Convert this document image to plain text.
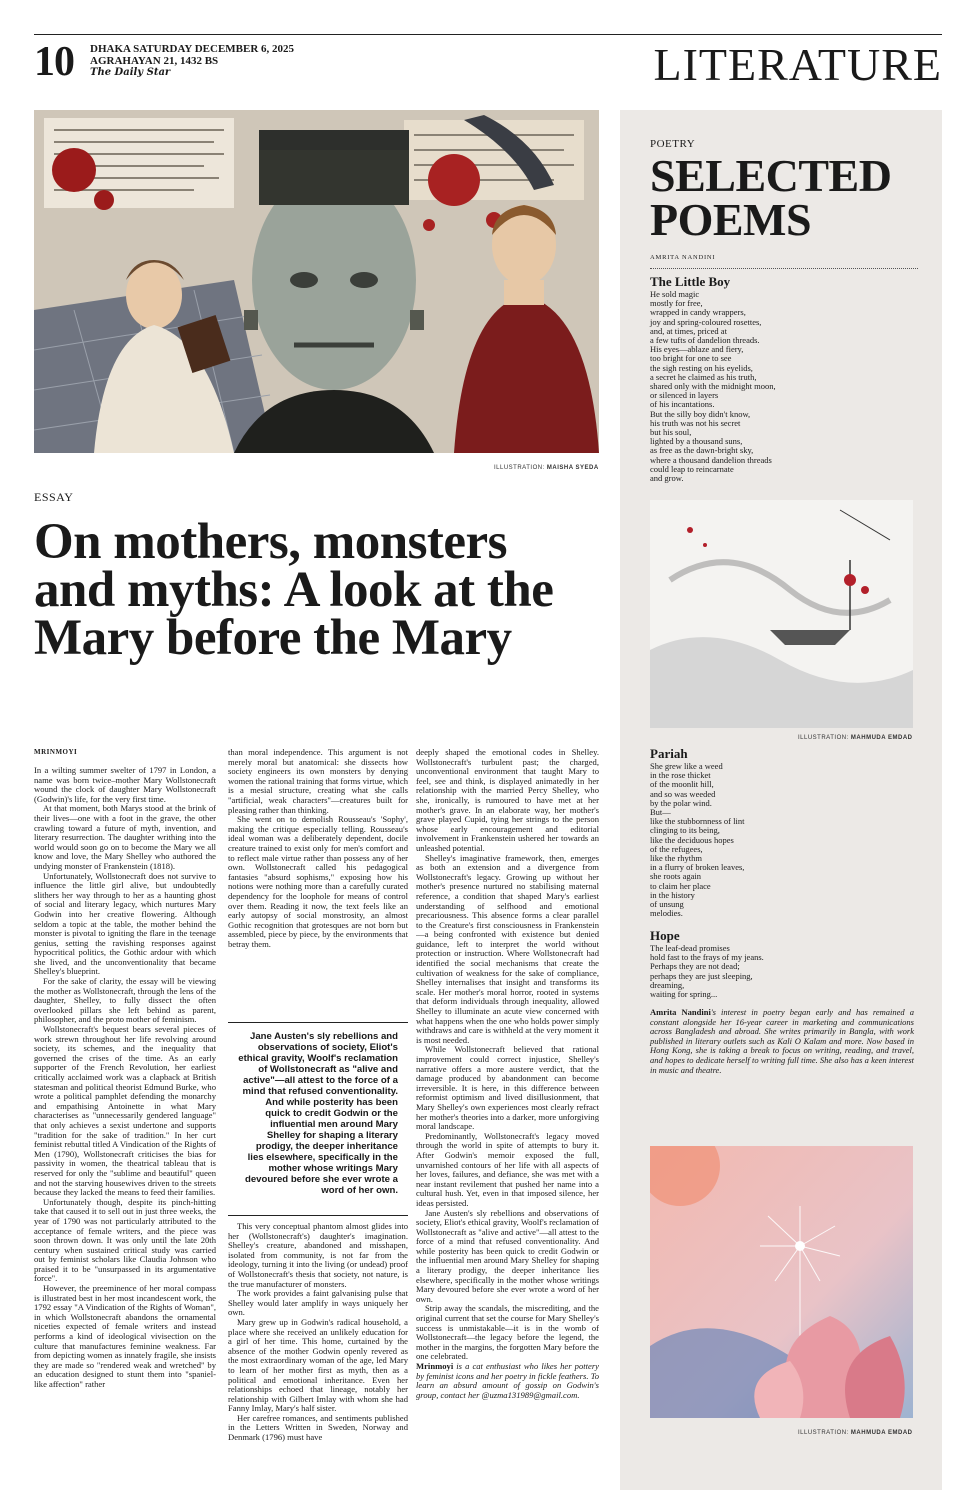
10 DHAKA SATURDAY DECEMBER 6, 2025
AGRAHAYAN 21, 1432 BS
The Daily Star	LITERATURE
ILLUSTRATION: MAISHA SYEDA
ESSAY
On mothers, monsters and myths: A look at the Mary before the Mary
MRINMOYI

In a wilting summer swelter of 1797 in London, a name was born twice–mother Mary Wollstonecraft wound the clock of daughter Mary Wollstonecraft (Godwin)'s life, for the very first time.

At that moment, both Marys stood at the brink of their lives—one with a foot in the grave, the other crawling toward a future of myth, invention, and literary resurrection. The daughter writhing into the world would soon go on to become the Mary we all know and love, the Mary Shelley who authored the undying monster of Frankenstein (1818).

Unfortunately, Wollstonecraft does not survive to influence the little girl alive, but undoubtedly slithers her way through to her as a haunting ghost of social and literary legacy, which nurtures Mary Godwin into her creative flowering. Although seldom a topic at the table, the mother behind the monster is pivotal to igniting the flare in the teenage genius, setting the ravishing responses against hypocritical politics, the Gothic ardour with which she lived, and the unconventionality that became Shelley's blueprint.

For the sake of clarity, the essay will be viewing the mother as Wollstonecraft, through the lens of the daughter, Shelley, to fully dissect the often overlooked pillars she left behind as parent, philosopher, and the proto mother of feminism.

Wollstonecraft's bequest bears several pieces of work strewn throughout her life revolving around society, its schemes, and the inequality that governed the crises of the time. As an early supporter of the French Revolution, her earliest critically acclaimed work was a clapback at British statesman and political theorist Edmund Burke, who wrote a political pamphlet defending the monarchy and empathising Antoinette in what Mary characterises as "unnecessarily gendered language" that only achieves a sexist undertone and supports "tradition for the sake of tradition." In her curt feminist rebuttal titled A Vindication of the Rights of Men (1790), Wollstonecraft criticises the bias for passivity in women, the theatrical tableau that is reserved for only the "sublime and beautiful" queen and not the starving housewives driven to the streets because they lacked the means to feed their families.

Unfortunately though, despite its pinch-hitting take that caused it to sell out in just three weeks, the year of 1790 was not particularly attributed to the acceptance of female writers, and the piece was soon thrown down. It was only until the late 20th century when sustained critical study was carried out by feminist scholars like Claudia Johnson who praised it to be "unsurpassed in its argumentative force".

However, the preeminence of her moral compass is illustrated best in her most incandescent work, the 1792 essay "A Vindication of the Rights of Woman", in which Wollstonecraft abandons the ornamental niceties expected of female writers and instead performs a kind of ideological vivisection on the culture that manufactures feminine weakness. Far from depicting women as innately fragile, she insists they are made so "rendered weak and wretched" by an education designed to stunt them into "spaniel-like affection" rather

than moral independence. This argument is not merely moral but anatomical: she dissects how society engineers its own monsters by denying women the rational training that forms virtue, which is a mesial structure, creating what she calls "artificial, weak characters"—creatures built for pleasing rather than thinking.

She went on to demolish Rousseau's 'Sophy', making the critique especially telling. Rousseau's ideal woman was a deliberately dependent, docile creature trained to exist only for men's comfort and to reflect male virtue rather than possess any of her own. Wollstonecraft called his pedagogical fantasies "absurd sophisms," exposing how his notions were nothing more than a carefully curated dependency for the loophole for means of control over them. Reading it now, the text feels like an early autopsy of social monstrosity, an almost Gothic recognition that grotesques are not born but assembled, piece by piece, by the environments that betray them.

Jane Austen's sly rebellions and observations of society, Eliot's ethical gravity, Woolf's reclamation of Wollstonecraft as "alive and active"—all attest to the force of a mind that refused conventionality. And while posterity has been quick to credit Godwin or the influential men around Mary Shelley for shaping a literary prodigy, the deeper inheritance lies elsewhere, specifically in the mother whose writings Mary devoured before she ever wrote a word of her own.

This very conceptual phantom almost glides into her (Wollstonecraft's) daughter's imagination. Shelley's creature, abandoned and misshapen, isolated from community, is not far from the ideology, turning it into the living (or undead) proof of Wollstonecraft's thesis that society, not nature, is the true manufacturer of monsters.

The work provides a faint galvanising pulse that Shelley would later amplify in ways uniquely her own.

Mary grew up in Godwin's radical household, a place where she received an unlikely education for a girl of her time. This home, curtained by the absence of the mother Godwin openly revered as the most extraordinary woman of the age, led Mary to learn of her mother first as myth, then as a political and emotional inheritance. Even her relationships echoed that lineage, notably her relationship with Gilbert Imlay with whom she had Fanny Imlay, Mary's half sister.

Her carefree romances, and sentiments published in the Letters Written in Sweden, Norway and Denmark (1796) must have

deeply shaped the emotional codes in Shelley. Wollstonecraft's turbulent past; the charged, unconventional environment that taught Mary to feel, see and think, is displayed animatedly in her relationship with the married Percy Shelley, who she, ironically, is rumoured to have met at her mother's grave. In an elaborate way, her mother's grave played Cupid, tying her strings to the person whose early encouragement and editorial involvement in Frankenstein ushered her towards an unleashed potential.

Shelley's imaginative framework, then, emerges as both an extension and a divergence from Wollstonecraft's legacy. Growing up without her mother's presence nurtured no stabilising maternal reference, a condition that shaped Mary's earliest understanding of selfhood and emotional precariousness. This absence forms a clear parallel to the Creature's first consciousness in Frankenstein—a being confronted with existence but denied guidance, left to interpret the world without protection or instruction. Where Wollstonecraft had identified the social mechanisms that create the cultivation of weakness for the sake of compliance, Shelley internalises that insight and transforms its scale. Her mother's moral horror, rooted in systems that deform individuals through inequality, allowed Shelley to illuminate an acute view concerned with what happens when the one who holds power simply withdraws and care is withheld at the very moment it is most needed.

While Wollstonecraft believed that rational improvement could correct injustice, Shelley's narrative offers a more austere verdict, that the damage produced by abandonment can become irreversible. It is here, in this difference between reformist optimism and lived disillusionment, that Mary Shelley's own experiences most clearly refract her mother's theories into a darker, more unforgiving moral landscape.

Predominantly, Wollstonecraft's legacy moved through the world in spite of attempts to bury it. After Godwin's memoir exposed the full, unvarnished contours of her life with all aspects of her loves, failures, and defiance, she was met with a near instant revilement that pushed her name into a cultural hush. Yet, even in that imposed silence, her ideas persisted.

Jane Austen's sly rebellions and observations of society, Eliot's ethical gravity, Woolf's reclamation of Wollstonecraft as "alive and active"—all attest to the force of a mind that refused conventionality. And while posterity has been quick to credit Godwin or the influential men around Mary Shelley for shaping a literary prodigy, the deeper inheritance lies elsewhere, specifically in the mother whose writings Mary devoured before she ever wrote a word of her own.

Strip away the scandals, the miscrediting, and the original current that set the course for Mary Shelley's success is unmistakable—it is in the womb of Wollstonecraft—the legacy before the legend, the mother in the margins, the forgotten Mary before the one celebrated.

Mrinmoyi is a cat enthusiast who likes her pottery by feminist icons and her poetry in fickle feathers. To learn an absurd amount of gossip on Godwin's group, contact her @uzma131989@gmail.com.

POETRY
SELECTED
POEMS
AMRITA NANDINI
The Little Boy
He sold magic
mostly for free,
wrapped in candy wrappers,
joy and spring-coloured rosettes,
and, at times, priced at
a few tufts of dandelion threads.
His eyes—ablaze and fiery,
too bright for one to see
the sigh resting on his eyelids,
a secret he claimed as his truth,
shared only with the midnight moon,
or silenced in layers
of his incantations.
But the silly boy didn't know,
his truth was not his secret
but his soul,
lighted by a thousand suns,
as free as the dawn-bright sky,
where a thousand dandelion threads
could leap to reincarnate
and grow.
ILLUSTRATION: MAHMUDA EMDAD
Pariah
She grew like a weed
in the rose thicket
of the moonlit hill,
and so was weeded
by the polar wind.
But—
like the stubbornness of lint
clinging to its being,
like the deciduous hopes
of the refugees,
like the rhythm
in a flurry of broken leaves,
she roots again
to claim her place
in the history
of unsung
melodies.
Hope
The leaf-dead promises
hold fast to the frays of my jeans.
Perhaps they are not dead;
perhaps they are just sleeping,
dreaming,
waiting for spring...
Amrita Nandini's interest in poetry began early and has remained a constant alongside her 16-year career in marketing and communications across Bangladesh and abroad. She writes primarily in Bangla, with work published in literary outlets such as Kali O Kalam and more. Now based in Hong Kong, she is taking a break to focus on writing, reading, and travel, and hopes to dedicate herself to writing full time. She also has a keen interest in music and theatre.
ILLUSTRATION: MAHMUDA EMDAD
